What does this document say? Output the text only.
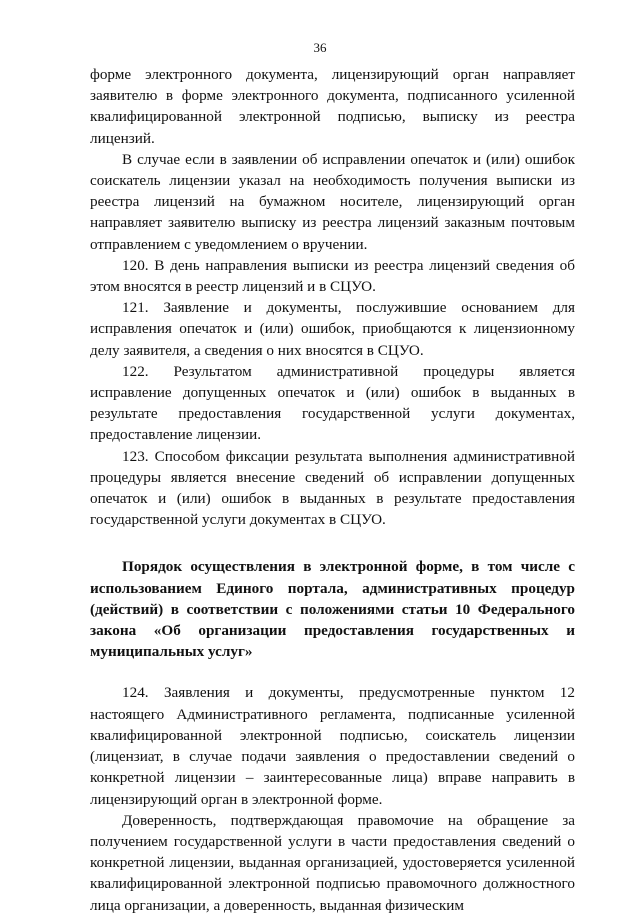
36

форме электронного документа, лицензирующий орган направляет заявителю в форме электронного документа, подписанного усиленной квалифицированной электронной подписью, выписку из реестра лицензий.

В случае если в заявлении об исправлении опечаток и (или) ошибок соискатель лицензии указал на необходимость получения выписки из реестра лицензий на бумажном носителе, лицензирующий орган направляет заявителю выписку из реестра лицензий заказным почтовым отправлением с уведомлением о вручении.

120. В день направления выписки из реестра лицензий сведения об этом вносятся в реестр лицензий и в СЦУО.

121. Заявление и документы, послужившие основанием для исправления опечаток и (или) ошибок, приобщаются к лицензионному делу заявителя, а сведения о них вносятся в СЦУО.

122. Результатом административной процедуры является исправление допущенных опечаток и (или) ошибок в выданных в результате предоставления государственной услуги документах, предоставление лицензии.

123. Способом фиксации результата выполнения административной процедуры является внесение сведений об исправлении допущенных опечаток и (или) ошибок в выданных в результате предоставления государственной услуги документах в СЦУО.

Порядок осуществления в электронной форме, в том числе с использованием Единого портала, административных процедур (действий) в соответствии с положениями статьи 10 Федерального закона «Об организации предоставления государственных и муниципальных услуг»

124. Заявления и документы, предусмотренные пунктом 12 настоящего Административного регламента, подписанные усиленной квалифицированной электронной подписью, соискатель лицензии (лицензиат, в случае подачи заявления о предоставлении сведений о конкретной лицензии – заинтересованные лица) вправе направить в лицензирующий орган в электронной форме.

Доверенность, подтверждающая правомочие на обращение за получением государственной услуги в части предоставления сведений о конкретной лицензии, выданная организацией, удостоверяется усиленной квалифицированной электронной подписью правомочного должностного лица организации, а доверенность, выданная физическим
